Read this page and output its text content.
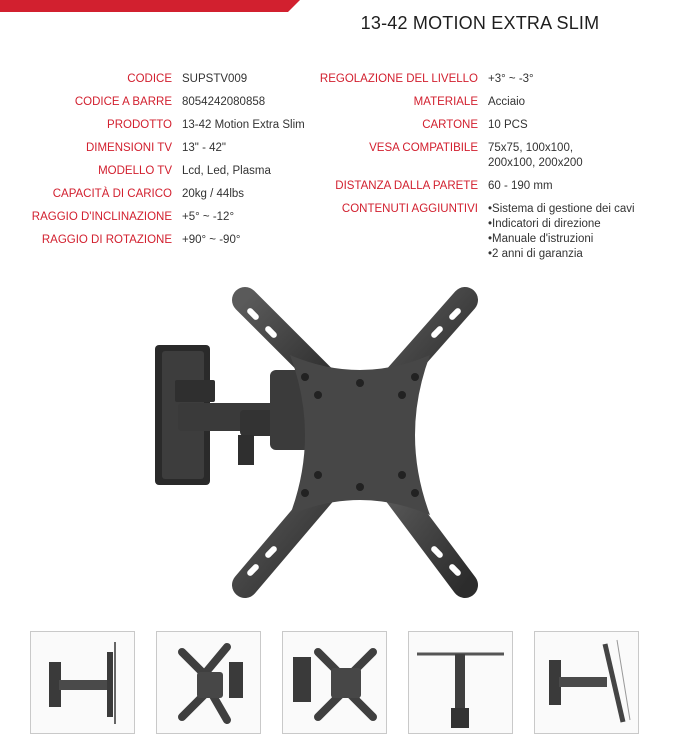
13-42 MOTION EXTRA SLIM
CODICE SUPSTV009
CODICE A BARRE 8054242080858
PRODOTTO 13-42 Motion Extra Slim
DIMENSIONI TV 13" - 42"
MODELLO TV Lcd, Led, Plasma
CAPACITÀ DI CARICO 20kg / 44lbs
RAGGIO D'INCLINAZIONE +5° ~ -12°
RAGGIO DI ROTAZIONE +90° ~ -90°
REGOLAZIONE DEL LIVELLO +3° ~ -3°
MATERIALE Acciaio
CARTONE 10 PCS
VESA COMPATIBILE 75x75, 100x100,
200x100, 200x200
DISTANZA DALLA PARETE 60 - 190 mm
CONTENUTI AGGIUNTIVI
•	Sistema di gestione dei cavi
• Indicatori di direzione
• Manuale d'istruzioni
• 2 anni di garanzia
